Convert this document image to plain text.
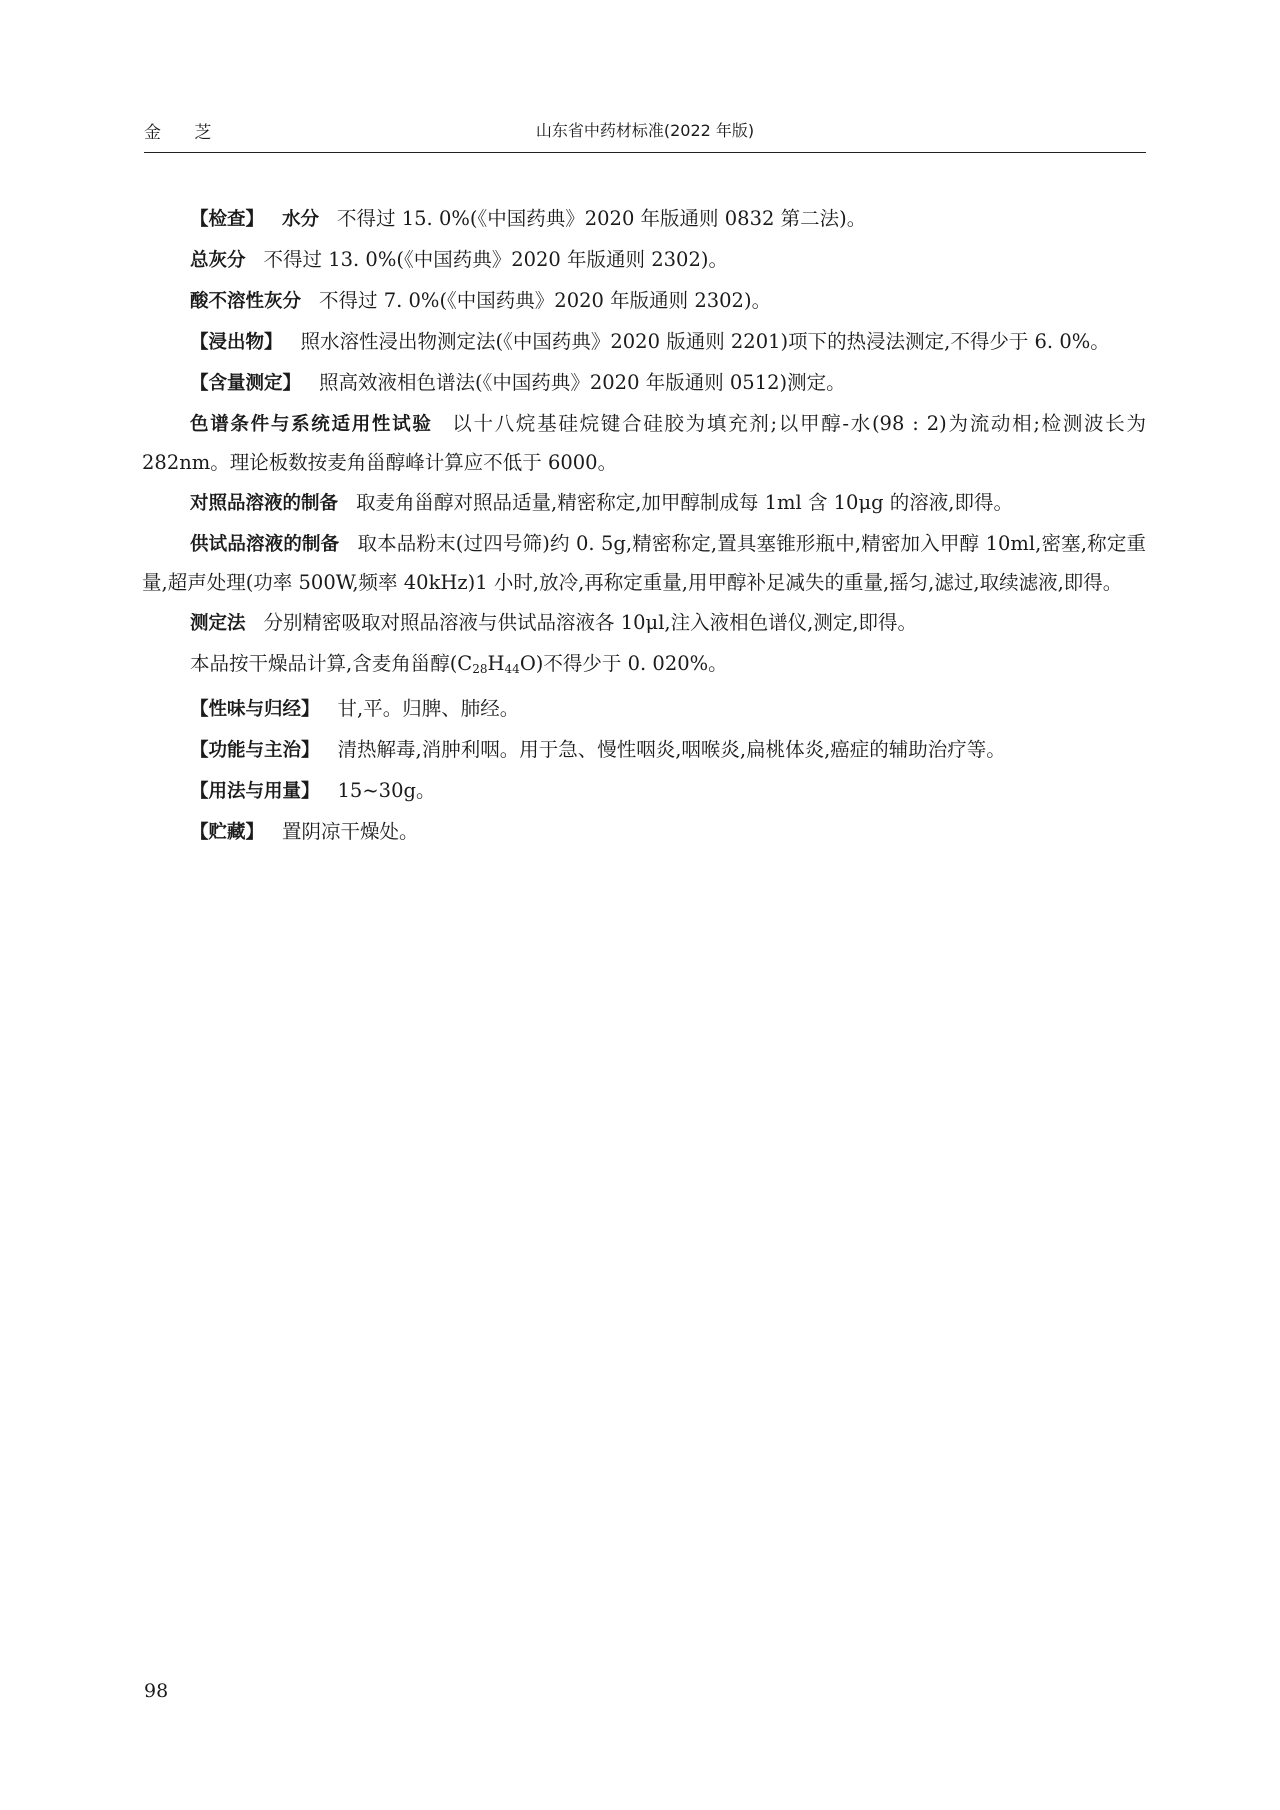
金 芝	山东省中药材标准(2022 年版)

【检查】 水分 不得过 15. 0%(《中国药典》2020 年版通则 0832 第二法)。

总灰分 不得过 13. 0%(《中国药典》2020 年版通则 2302)。

酸不溶性灰分 不得过 7. 0%(《中国药典》2020 年版通则 2302)。

【浸出物】 照水溶性浸出物测定法(《中国药典》2020 版通则 2201)项下的热浸法测定,不得少于 6. 0%。

【含量测定】 照高效液相色谱法(《中国药典》2020 年版通则 0512)测定。

色谱条件与系统适用性试验 以十八烷基硅烷键合硅胶为填充剂;以甲醇-水(98 : 2)为流动相;检测波长为 282nm。理论板数按麦角甾醇峰计算应不低于 6000。

对照品溶液的制备 取麦角甾醇对照品适量,精密称定,加甲醇制成每 1ml 含 10μg 的溶液,即得。

供试品溶液的制备 取本品粉末(过四号筛)约 0. 5g,精密称定,置具塞锥形瓶中,精密加入甲醇 10ml,密塞,称定重量,超声处理(功率 500W,频率 40kHz)1 小时,放冷,再称定重量,用甲醇补足减失的重量,摇匀,滤过,取续滤液,即得。

测定法 分别精密吸取对照品溶液与供试品溶液各 10μl,注入液相色谱仪,测定,即得。

本品按干燥品计算,含麦角甾醇$(C_{28}H_{44}O)$不得少于 0. 020%。

【性味与归经】 甘,平。归脾、肺经。

【功能与主治】 清热解毒,消肿利咽。用于急、慢性咽炎,咽喉炎,扁桃体炎,癌症的辅助治疗等。

【用法与用量】 15~30g。

【贮藏】 置阴凉干燥处。

98
